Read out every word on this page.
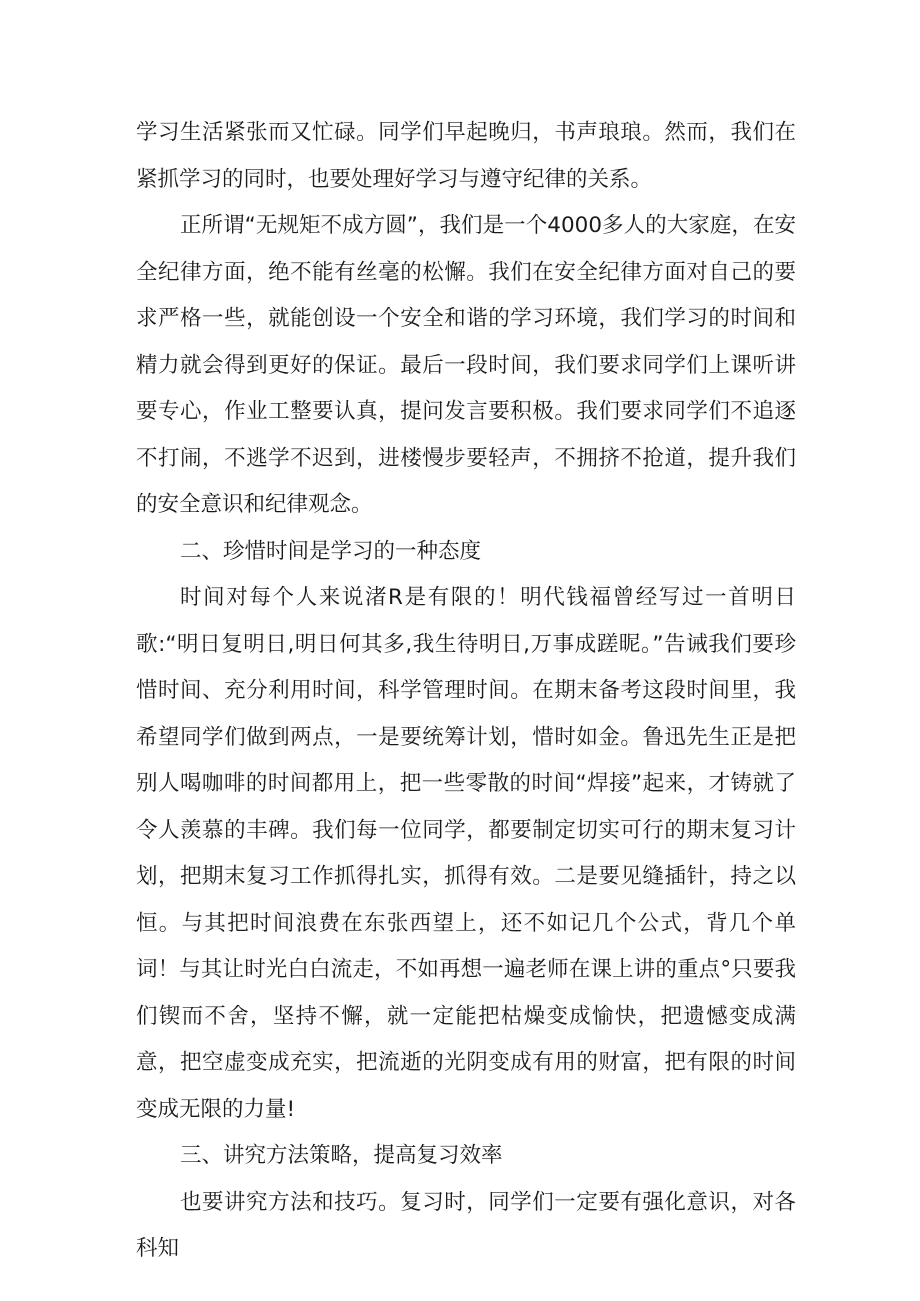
学习生活紧张而又忙碌。同学们早起晚归，书声琅琅。然而，我们在紧抓学习的同时，也要处理好学习与遵守纪律的关系。

正所谓“无规矩不成方圆”，我们是一个4000多人的大家庭，在安全纪律方面，绝不能有丝毫的松懈。我们在安全纪律方面对自己的要求严格一些，就能创设一个安全和谐的学习环境，我们学习的时间和精力就会得到更好的保证。最后一段时间，我们要求同学们上课听讲要专心，作业工整要认真，提问发言要积极。我们要求同学们不追逐不打闹，不逃学不迟到，进楼慢步要轻声，不拥挤不抢道，提升我们的安全意识和纪律观念。

二、珍惜时间是学习的一种态度

时间对每个人来说渚R是有限的！明代钱福曾经写过一首明日歌:“明日复明日,明日何其多,我生待明日,万事成蹉昵。”告诫我们要珍惜时间、充分利用时间，科学管理时间。在期末备考这段时间里，我希望同学们做到两点，一是要统筹计划，惜时如金。鲁迅先生正是把别人喝咖啡的时间都用上，把一些零散的时间“焊接”起来，才铸就了令人羡慕的丰碑。我们每一位同学，都要制定切实可行的期末复习计划，把期末复习工作抓得扎实，抓得有效。二是要见缝插针，持之以恒。与其把时间浪费在东张西望上，还不如记几个公式，背几个单词！与其让时光白白流走，不如再想一遍老师在课上讲的重点°只要我们锲而不舍，坚持不懈，就一定能把枯燥变成愉快，把遗憾变成满意，把空虚变成充实，把流逝的光阴变成有用的财富，把有限的时间变成无限的力量!

三、讲究方法策略，提高复习效率

也要讲究方法和技巧。复习时，同学们一定要有强化意识，对各科知
